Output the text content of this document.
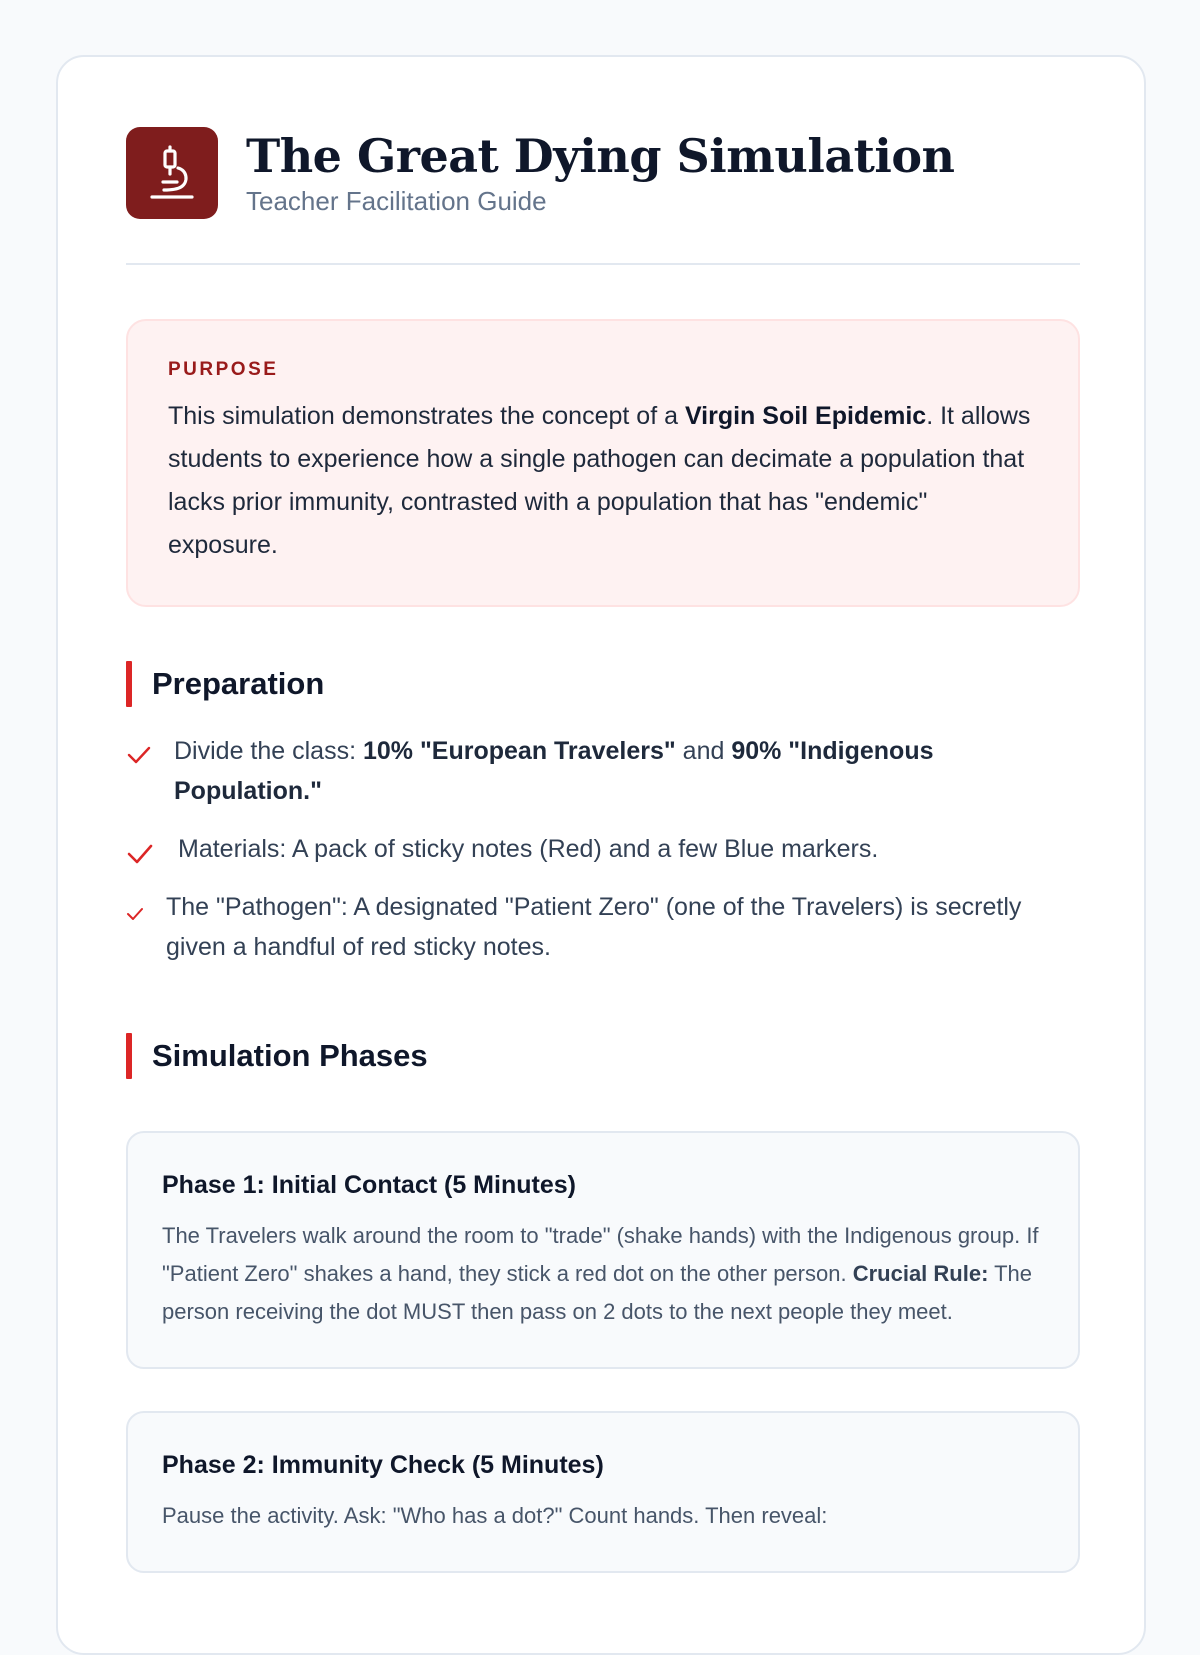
The Great Dying Simulation
Teacher Facilitation Guide
PURPOSE
This simulation demonstrates the concept of a Virgin Soil Epidemic. It allows students to experience how a single pathogen can decimate a population that lacks prior immunity, contrasted with a population that has "endemic" exposure.
Preparation
Divide the class: 10% "European Travelers" and 90% "Indigenous Population."
Materials: A pack of sticky notes (Red) and a few Blue markers.
The "Pathogen": A designated "Patient Zero" (one of the Travelers) is secretly given a handful of red sticky notes.
Simulation Phases
Phase 1: Initial Contact (5 Minutes)
The Travelers walk around the room to "trade" (shake hands) with the Indigenous group. If "Patient Zero" shakes a hand, they stick a red dot on the other person. Crucial Rule: The person receiving the dot MUST then pass on 2 dots to the next people they meet.
Phase 2: Immunity Check (5 Minutes)
Pause the activity. Ask: "Who has a dot?" Count hands. Then reveal:
